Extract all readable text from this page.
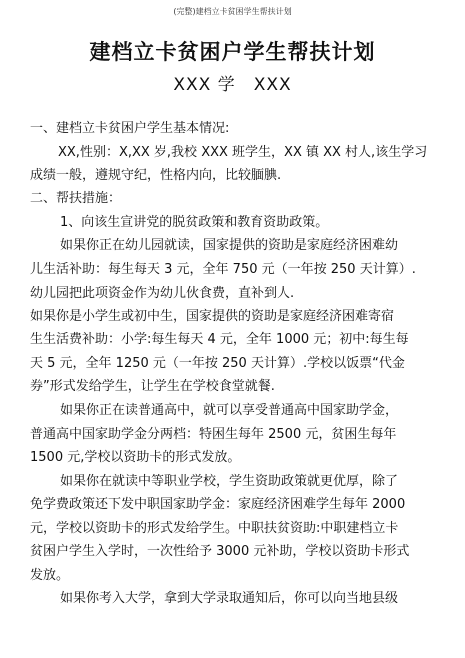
(完整)建档立卡贫困学生帮扶计划
建档立卡贫困户学生帮扶计划
XXX 学　XXX
一、建档立卡贫困户学生基本情况:
XX,性别：X,XX 岁,我校 XXX 班学生，XX 镇 XX 村人,该生学习
成绩一般，遵规守纪，性格内向，比较腼腆.
二、帮扶措施：
1、向该生宣讲党的脱贫政策和教育资助政策。
如果你正在幼儿园就读，国家提供的资助是家庭经济困难幼
儿生活补助：每生每天 3 元，全年 750 元（一年按 250 天计算）.
幼儿园把此项资金作为幼儿伙食费，直补到人.
如果你是小学生或初中生，国家提供的资助是家庭经济困难寄宿
生生活费补助：小学:每生每天 4 元，全年 1000 元；初中:每生每
天 5 元，全年 1250 元（一年按 250 天计算）.学校以饭票“代金
券”形式发给学生，让学生在学校食堂就餐.
如果你正在读普通高中，就可以享受普通高中国家助学金，
普通高中国家助学金分两档：特困生每年 2500 元，贫困生每年
1500 元,学校以资助卡的形式发放。
如果你在就读中等职业学校，学生资助政策就更优厚，除了
免学费政策还下发中职国家助学金：家庭经济困难学生每年 2000
元，学校以资助卡的形式发给学生。中职扶贫资助:中职建档立卡
贫困户学生入学时，一次性给予 3000 元补助，学校以资助卡形式
发放。
如果你考入大学，拿到大学录取通知后，你可以向当地县级
